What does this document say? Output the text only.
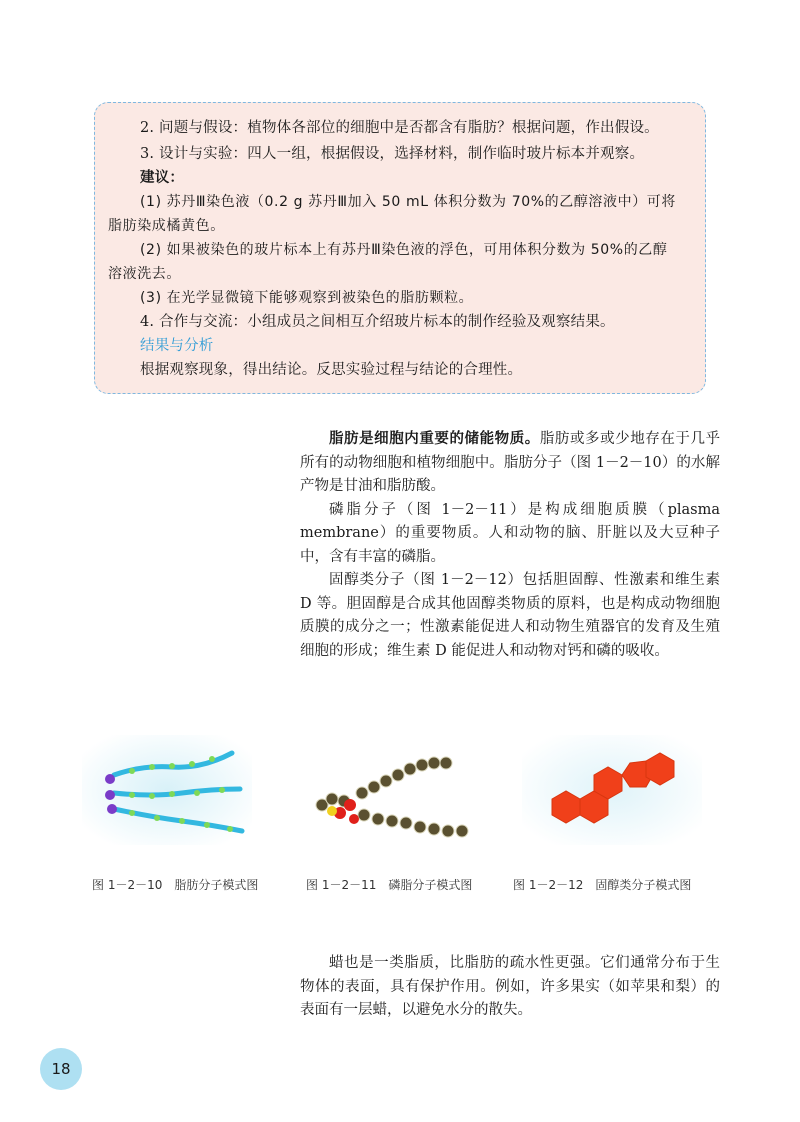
2. 问题与假设：植物体各部位的细胞中是否都含有脂肪？根据问题，作出假设。
3. 设计与实验：四人一组，根据假设，选择材料，制作临时玻片标本并观察。
建议：
(1) 苏丹Ⅲ染色液（0.2 g 苏丹Ⅲ加入 50 mL 体积分数为 70%的乙醇溶液中）可将
脂肪染成橘黄色。
(2) 如果被染色的玻片标本上有苏丹Ⅲ染色液的浮色，可用体积分数为 50%的乙醇
溶液洗去。
(3) 在光学显微镜下能够观察到被染色的脂肪颗粒。
4. 合作与交流：小组成员之间相互介绍玻片标本的制作经验及观察结果。
结果与分析
根据观察现象，得出结论。反思实验过程与结论的合理性。

脂肪是细胞内重要的储能物质。脂肪或多或少地存在于几乎所有的动物细胞和植物细胞中。脂肪分子（图 1－2－10）的水解产物是甘油和脂肪酸。

磷脂分子（图 1－2－11）是构成细胞质膜（plasma membrane）的重要物质。人和动物的脑、肝脏以及大豆种子中，含有丰富的磷脂。

固醇类分子（图 1－2－12）包括胆固醇、性激素和维生素 D 等。胆固醇是合成其他固醇类物质的原料，也是构成动物细胞质膜的成分之一；性激素能促进人和动物生殖器官的发育及生殖细胞的形成；维生素 D 能促进人和动物对钙和磷的吸收。

图 1－2－10　脂肪分子模式图	图 1－2－11　磷脂分子模式图	图 1－2－12　固醇类分子模式图

蜡也是一类脂质，比脂肪的疏水性更强。它们通常分布于生物体的表面，具有保护作用。例如，许多果实（如苹果和梨）的表面有一层蜡，以避免水分的散失。

18
